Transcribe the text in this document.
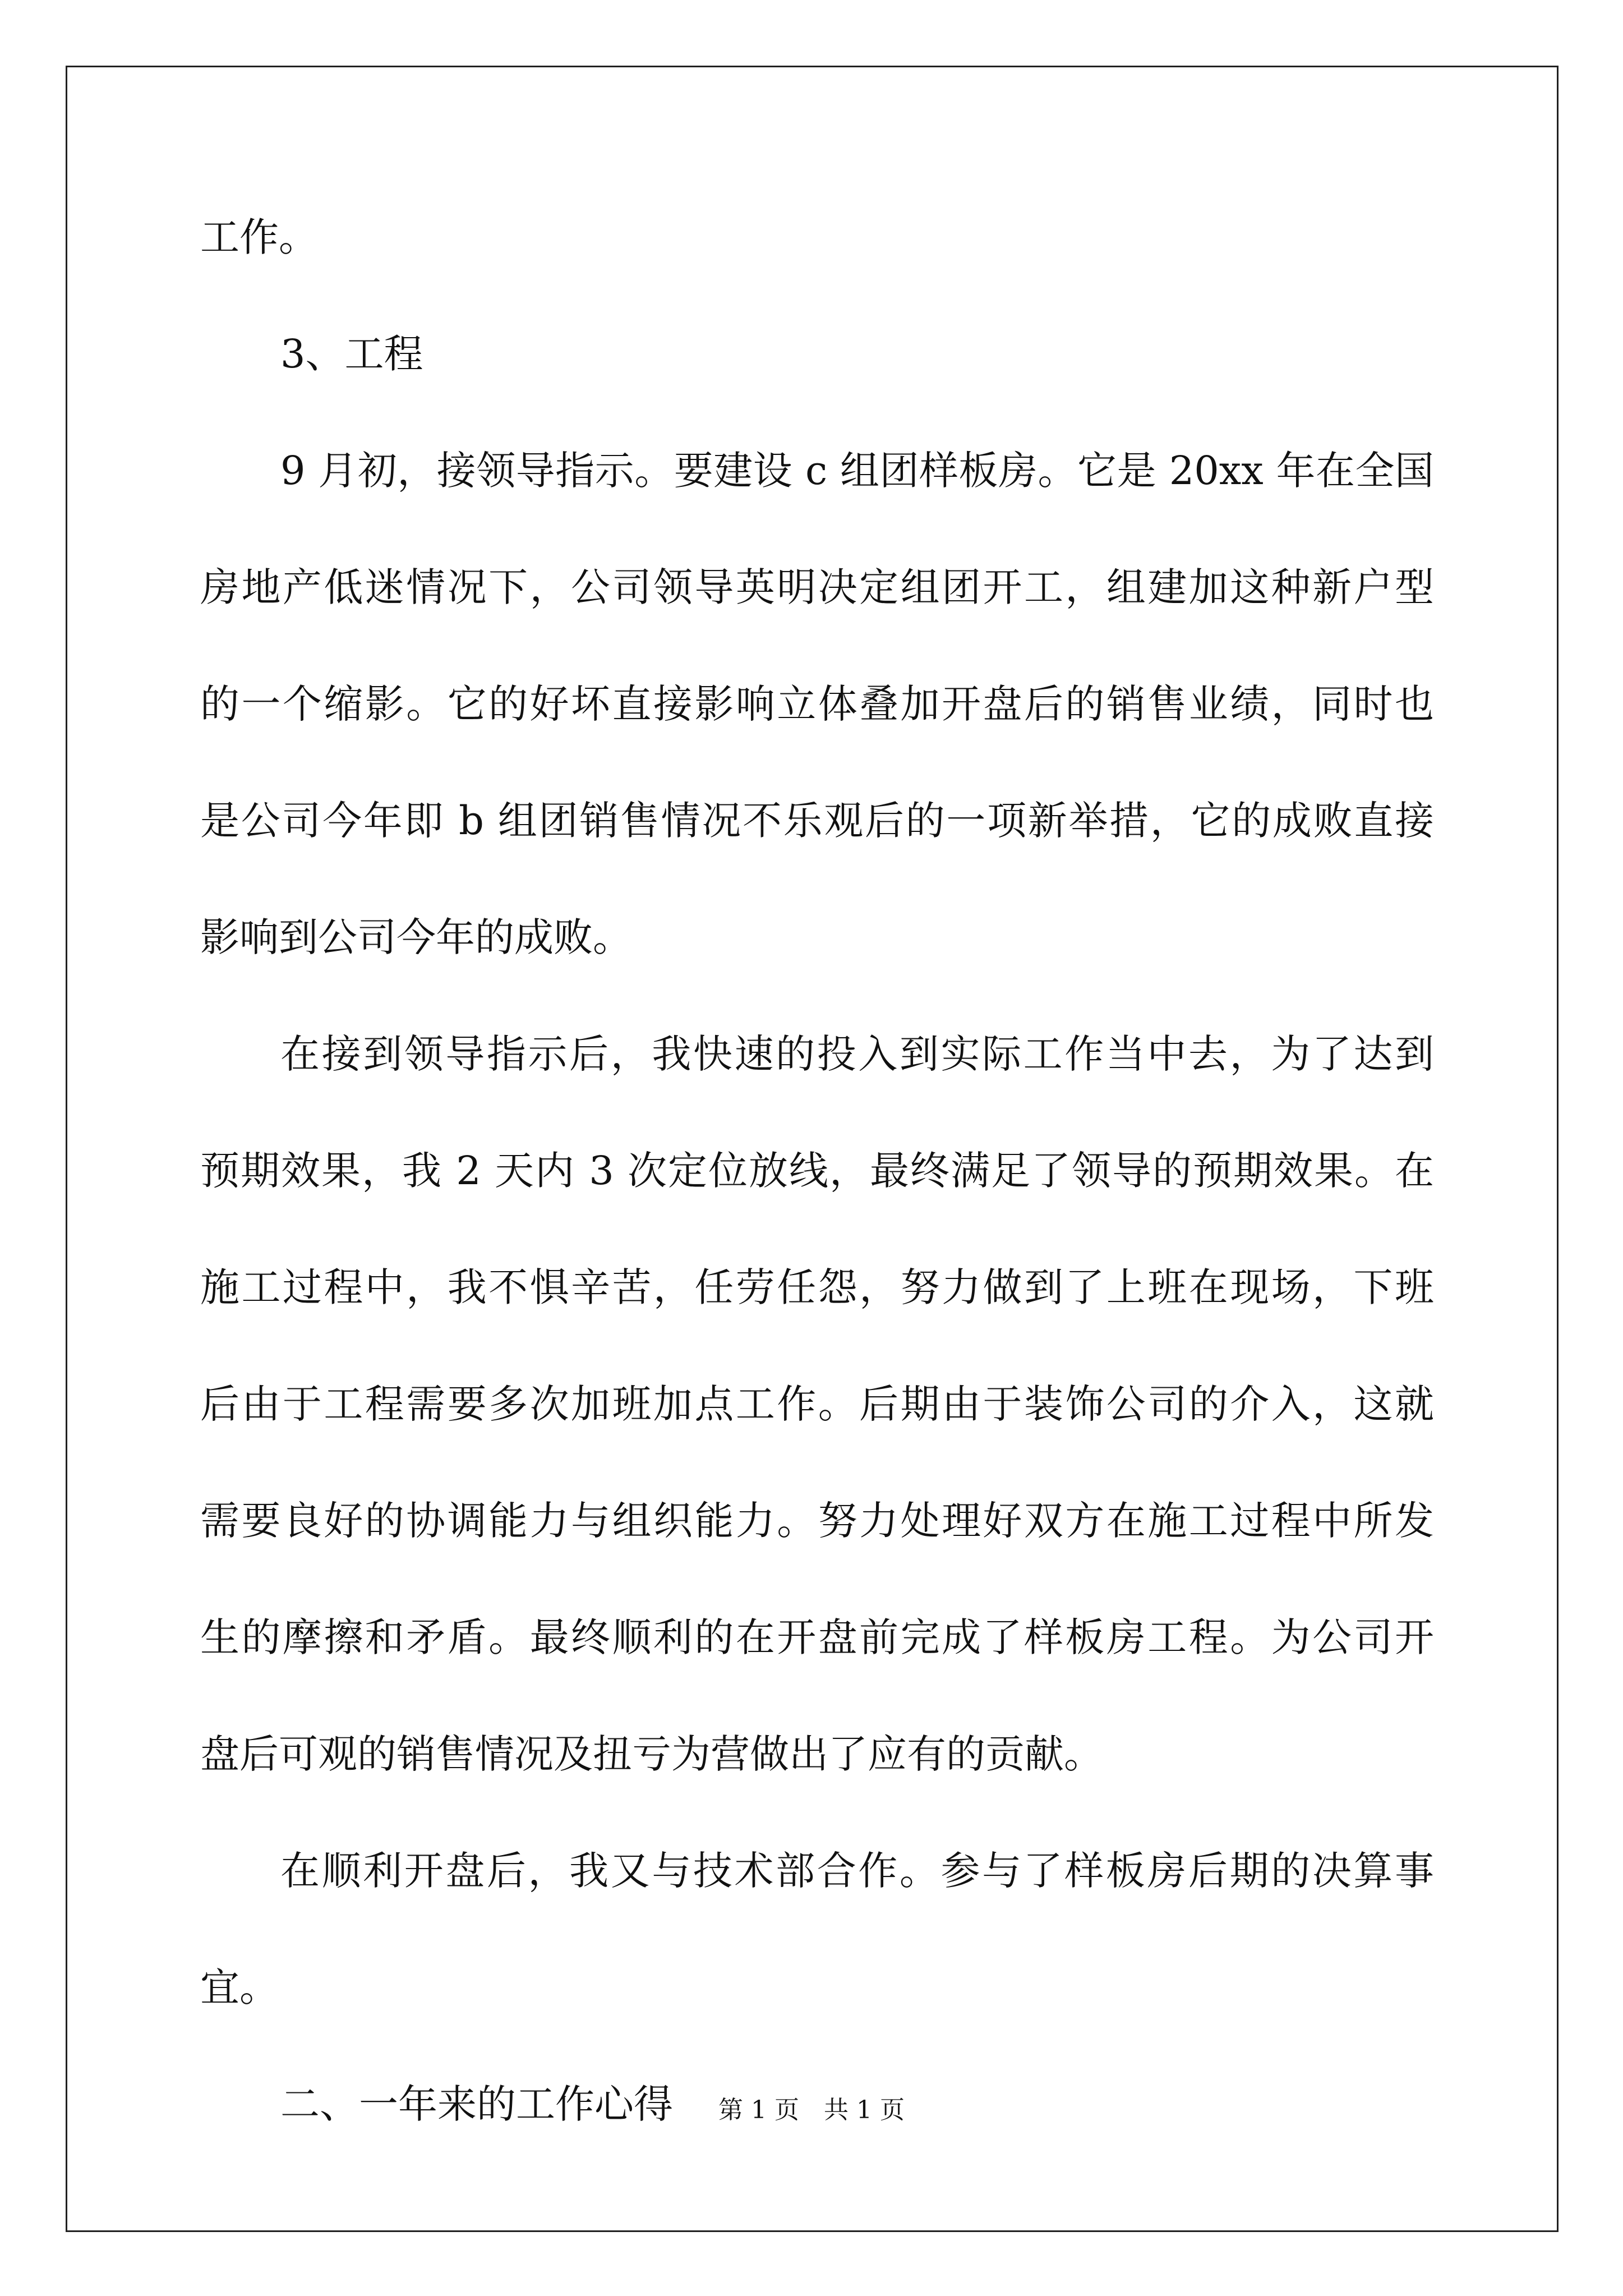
工作。
3、工程
9 月初，接领导指示。要建设 c 组团样板房。它是 20xx 年在全国
房地产低迷情况下，公司领导英明决定组团开工，组建加这种新户型
的一个缩影。它的好坏直接影响立体叠加开盘后的销售业绩，同时也
是公司今年即 b 组团销售情况不乐观后的一项新举措，它的成败直接
影响到公司今年的成败。
在接到领导指示后，我快速的投入到实际工作当中去，为了达到
预期效果，我 2 天内 3 次定位放线，最终满足了领导的预期效果。在
施工过程中，我不惧辛苦，任劳任怨，努力做到了上班在现场，下班
后由于工程需要多次加班加点工作。后期由于装饰公司的介入，这就
需要良好的协调能力与组织能力。努力处理好双方在施工过程中所发
生的摩擦和矛盾。最终顺利的在开盘前完成了样板房工程。为公司开
盘后可观的销售情况及扭亏为营做出了应有的贡献。
在顺利开盘后，我又与技术部合作。参与了样板房后期的决算事
宜。
二、一年来的工作心得	第 1 页　共 1 页
